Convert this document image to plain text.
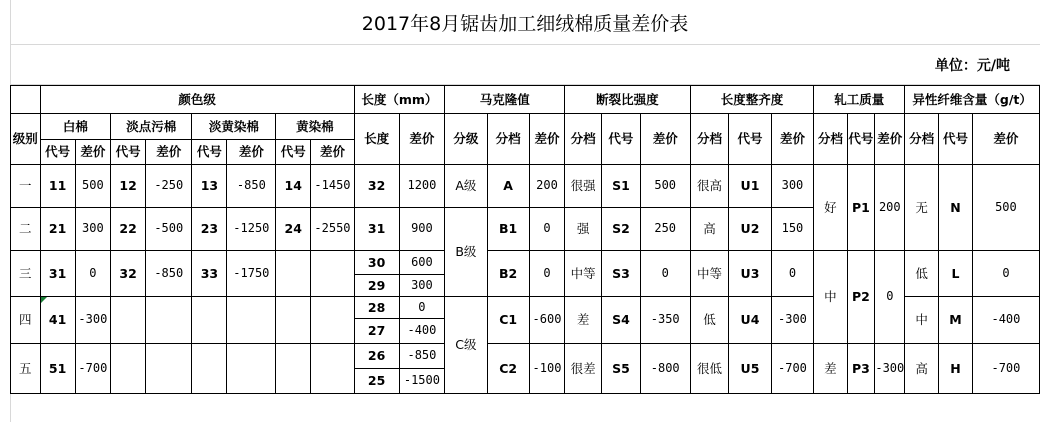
2017年8月锯齿加工细绒棉质量差价表
单位：元/吨
	颜色级								长度（mm）		马克隆值			断裂比强度			长度整齐度			轧工质量			异性纤维含量（g/t）		
级别	白棉		淡点污棉		淡黄染棉		黄染棉		长度	差价	分级	分档	差价	分档	代号	差价	分档	代号	差价	分档	代号	差价	分档	代号	差价
	代号	差价	代号	差价	代号	差价	代号	差价																	
一	11	500	12	-250	13	-850	14	-1450	32	1200	A级	A	200	很强	S1	500	很高	U1	300	好	P1	200	无	N	500
二	21	300	22	-500	23	-1250	24	-2550	31	900	B级	B1	0	强	S2	250	高	U2	150						
三	31	0	32	-850	33	-1750			30	600		B2	0	中等	S3	0	中等	U3	0	中	P2	0	低	L	0
									29	300															
四	41	-300							28	0	C级	C1	-600	差	S4	-350	低	U4	-300				中	M	-400
									27	-400															
五	51	-700							26	-850		C2	-100	很差	S5	-800	很低	U5	-700	差	P3	-300	高	H	-700
									25	-1500															
